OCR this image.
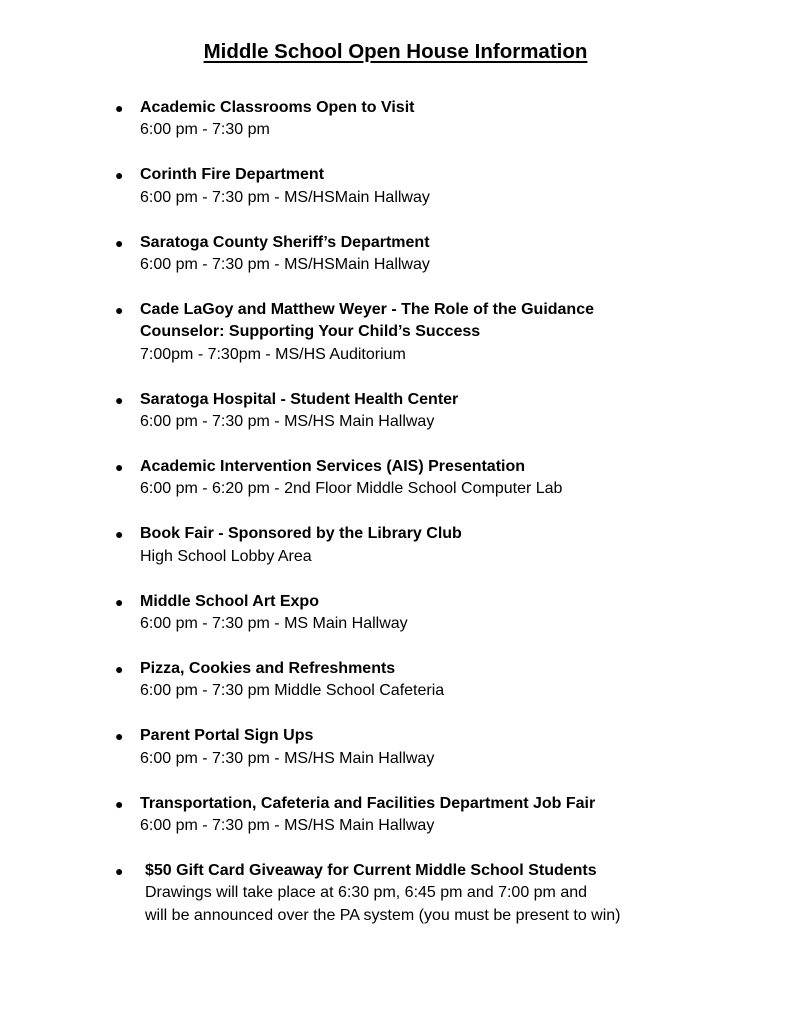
Middle School Open House Information
● Academic Classrooms Open to Visit
6:00 pm - 7:30 pm
● Corinth Fire Department
6:00 pm - 7:30 pm - MS/HSMain Hallway
● Saratoga County Sheriff’s Department
6:00 pm - 7:30 pm - MS/HSMain Hallway
● Cade LaGoy and Matthew Weyer - The Role of the Guidance
Counselor: Supporting Your Child’s Success
7:00pm - 7:30pm - MS/HS Auditorium
● Saratoga Hospital - Student Health Center
6:00 pm - 7:30 pm - MS/HS Main Hallway
● Academic Intervention Services (AIS) Presentation
6:00 pm - 6:20 pm - 2nd Floor Middle School Computer Lab
● Book Fair - Sponsored by the Library Club
High School Lobby Area
● Middle School Art Expo
6:00 pm - 7:30 pm - MS Main Hallway
● Pizza, Cookies and Refreshments
6:00 pm - 7:30 pm Middle School Cafeteria
● Parent Portal Sign Ups
6:00 pm - 7:30 pm - MS/HS Main Hallway
● Transportation, Cafeteria and Facilities Department Job Fair
6:00 pm - 7:30 pm - MS/HS Main Hallway
● $50 Gift Card Giveaway for Current Middle School Students
Drawings will take place at 6:30 pm, 6:45 pm and 7:00 pm and
will be announced over the PA system (you must be present to win)
